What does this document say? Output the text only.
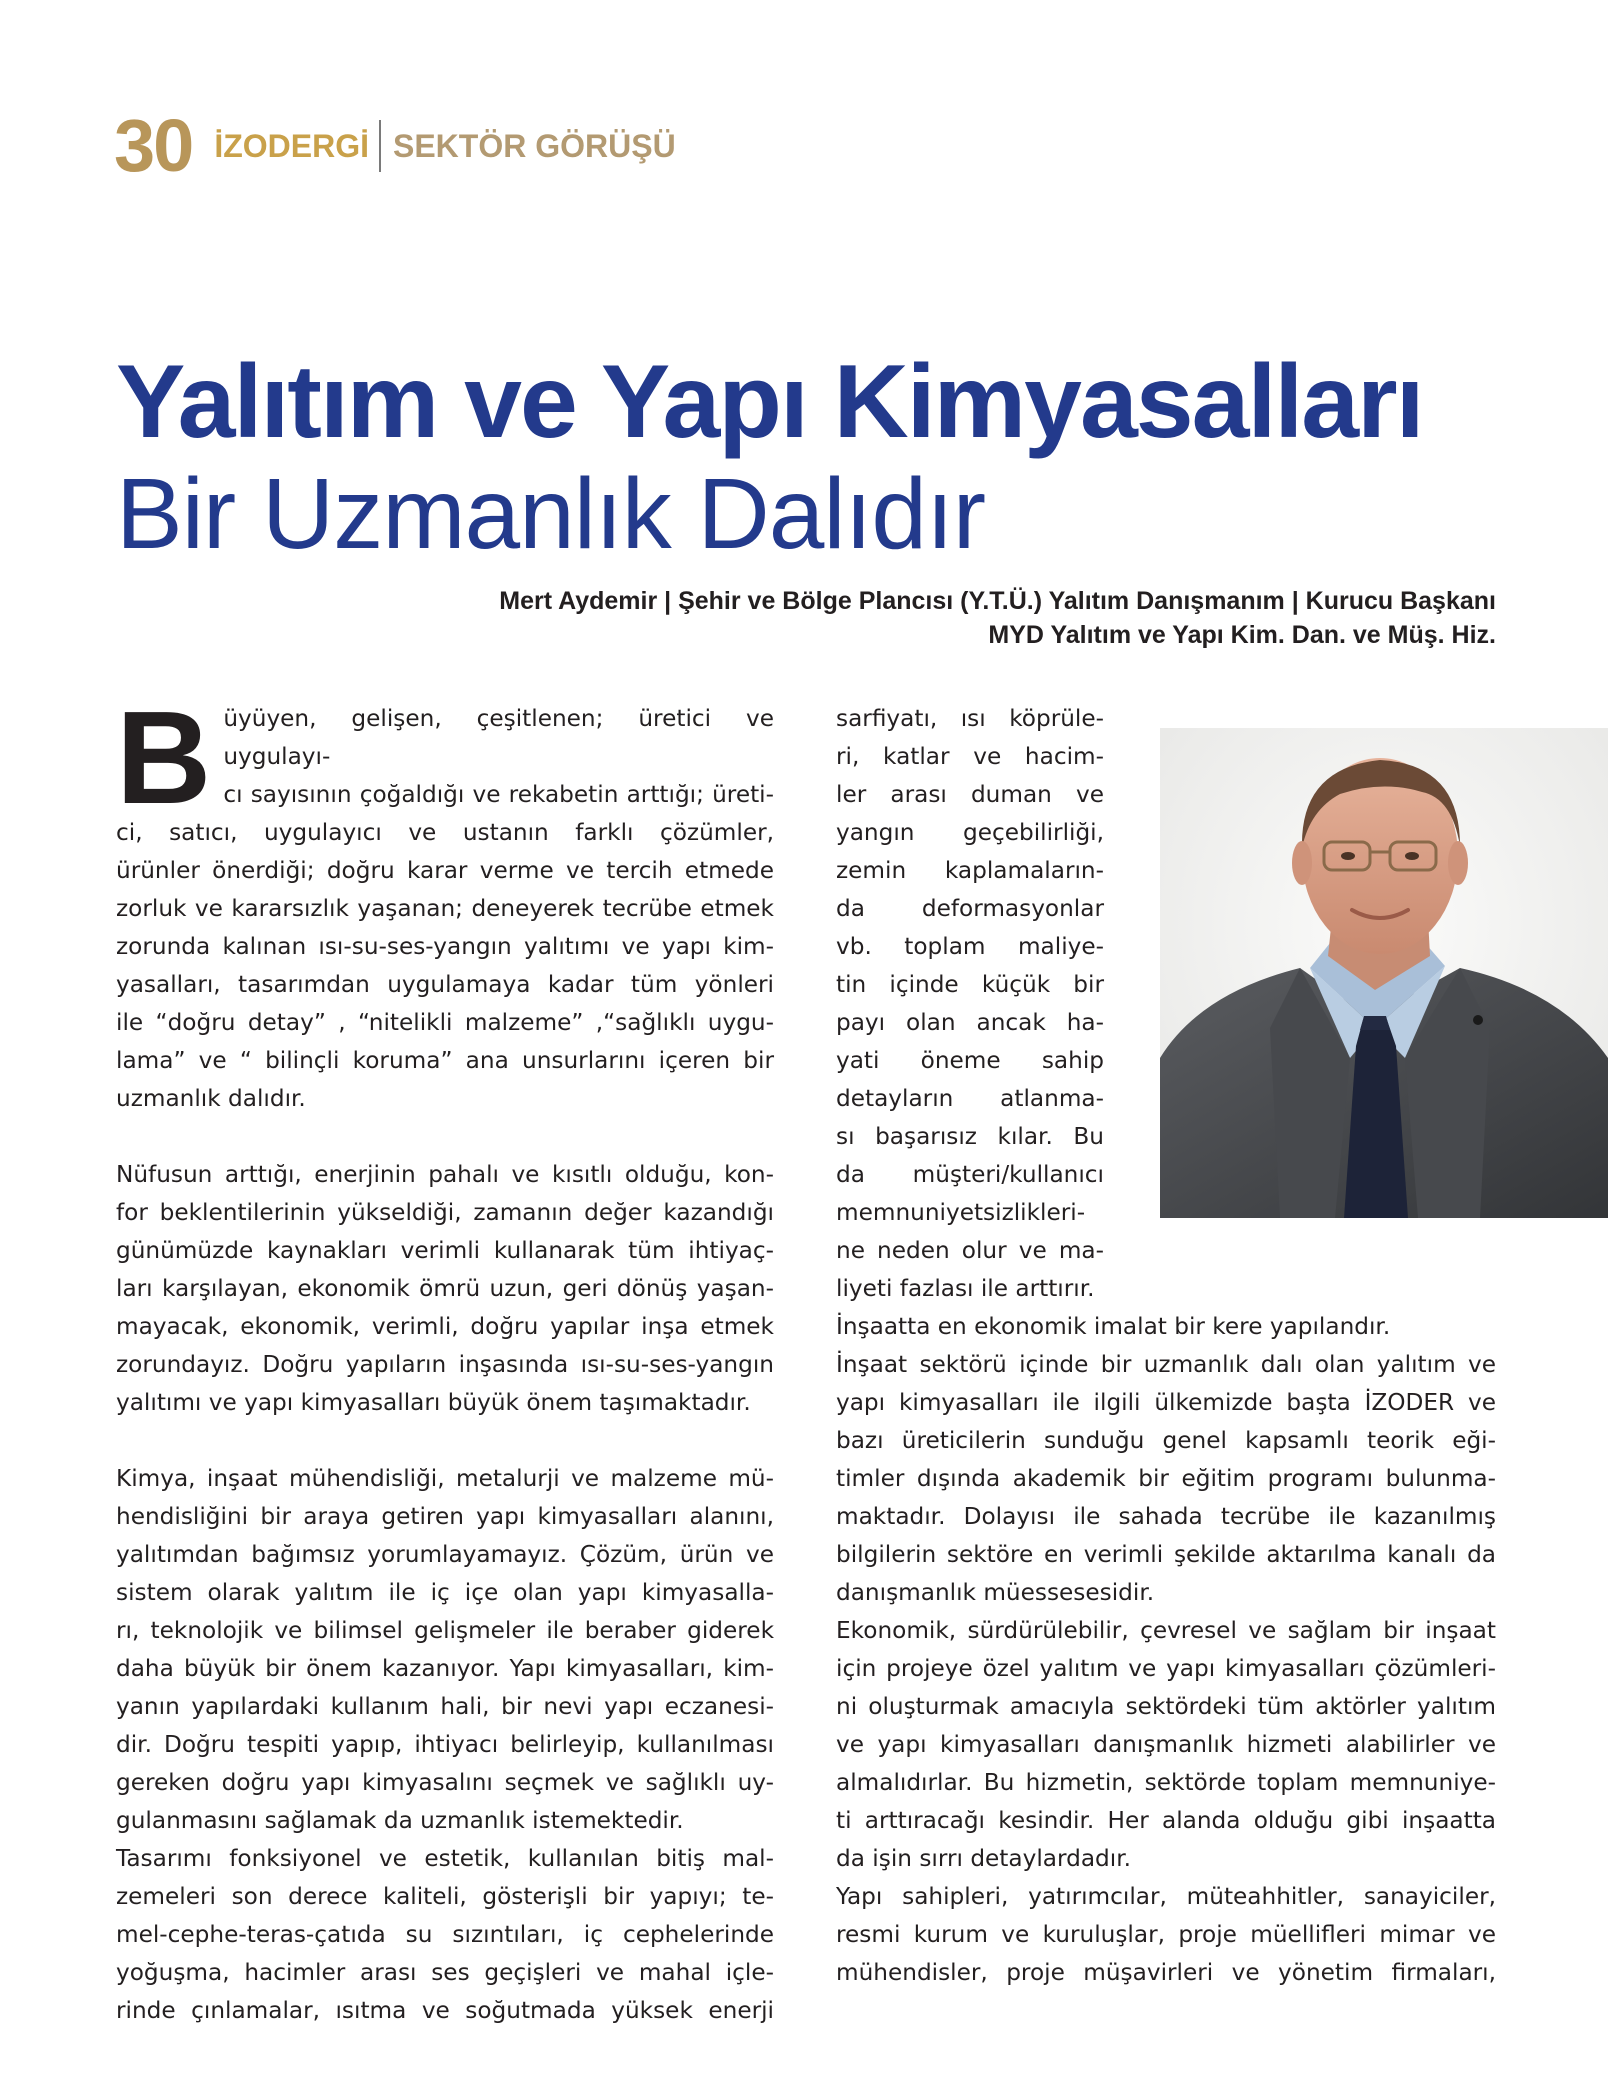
30 İZODERGİ SEKTÖR GÖRÜŞÜ
Yalıtım ve Yapı Kimyasalları
Bir Uzmanlık Dalıdır
Mert Aydemir | Şehir ve Bölge Plancısı (Y.T.Ü.) Yalıtım Danışmanım | Kurucu Başkanı
MYD Yalıtım ve Yapı Kim. Dan. ve Müş. Hiz.
B üyüyen, gelişen, çeşitlenen; üretici ve uygulayı-
cı sayısının çoğaldığı ve rekabetin arttığı; üreti-
ci, satıcı, uygulayıcı ve ustanın farklı çözümler,
ürünler önerdiği; doğru karar verme ve tercih etmede
zorluk ve kararsızlık yaşanan; deneyerek tecrübe etmek
zorunda kalınan ısı-su-ses-yangın yalıtımı ve yapı kim-
yasalları, tasarımdan uygulamaya kadar tüm yönleri
ile “doğru detay” , “nitelikli malzeme” ,“sağlıklı uygu-
lama” ve “ bilinçli koruma” ana unsurlarını içeren bir
uzmanlık dalıdır.
Nüfusun arttığı, enerjinin pahalı ve kısıtlı olduğu, kon-
for beklentilerinin yükseldiği, zamanın değer kazandığı
günümüzde kaynakları verimli kullanarak tüm ihtiyaç-
ları karşılayan, ekonomik ömrü uzun, geri dönüş yaşan-
mayacak, ekonomik, verimli, doğru yapılar inşa etmek
zorundayız. Doğru yapıların inşasında ısı-su-ses-yangın
yalıtımı ve yapı kimyasalları büyük önem taşımaktadır.
Kimya, inşaat mühendisliği, metalurji ve malzeme mü-
hendisliğini bir araya getiren yapı kimyasalları alanını,
yalıtımdan bağımsız yorumlayamayız. Çözüm, ürün ve
sistem olarak yalıtım ile iç içe olan yapı kimyasalla-
rı, teknolojik ve bilimsel gelişmeler ile beraber giderek
daha büyük bir önem kazanıyor. Yapı kimyasalları, kim-
yanın yapılardaki kullanım hali, bir nevi yapı eczanesi-
dir. Doğru tespiti yapıp, ihtiyacı belirleyip, kullanılması
gereken doğru yapı kimyasalını seçmek ve sağlıklı uy-
gulanmasını sağlamak da uzmanlık istemektedir.
Tasarımı fonksiyonel ve estetik, kullanılan bitiş mal-
zemeleri son derece kaliteli, gösterişli bir yapıyı; te-
mel-cephe-teras-çatıda su sızıntıları, iç cephelerinde
yoğuşma, hacimler arası ses geçişleri ve mahal içle-
rinde çınlamalar, ısıtma ve soğutmada yüksek enerji
sarfiyatı, ısı köprüle-
ri, katlar ve hacim-
ler arası duman ve
yangın geçebilirliği,
zemin kaplamaların-
da deformasyonlar
vb. toplam maliye-
tin içinde küçük bir
payı olan ancak ha-
yati öneme sahip
detayların atlanma-
sı başarısız kılar. Bu
da müşteri/kullanıcı
memnuniyetsizlikleri-
ne neden olur ve ma-
liyeti fazlası ile arttırır.
İnşaatta en ekonomik imalat bir kere yapılandır.
İnşaat sektörü içinde bir uzmanlık dalı olan yalıtım ve
yapı kimyasalları ile ilgili ülkemizde başta İZODER ve
bazı üreticilerin sunduğu genel kapsamlı teorik eği-
timler dışında akademik bir eğitim programı bulunma-
maktadır. Dolayısı ile sahada tecrübe ile kazanılmış
bilgilerin sektöre en verimli şekilde aktarılma kanalı da
danışmanlık müessesesidir.
Ekonomik, sürdürülebilir, çevresel ve sağlam bir inşaat
için projeye özel yalıtım ve yapı kimyasalları çözümleri-
ni oluşturmak amacıyla sektördeki tüm aktörler yalıtım
ve yapı kimyasalları danışmanlık hizmeti alabilirler ve
almalıdırlar. Bu hizmetin, sektörde toplam memnuniye-
ti arttıracağı kesindir. Her alanda olduğu gibi inşaatta
da işin sırrı detaylardadır.
Yapı sahipleri, yatırımcılar, müteahhitler, sanayiciler,
resmi kurum ve kuruluşlar, proje müellifleri mimar ve
mühendisler, proje müşavirleri ve yönetim firmaları,
